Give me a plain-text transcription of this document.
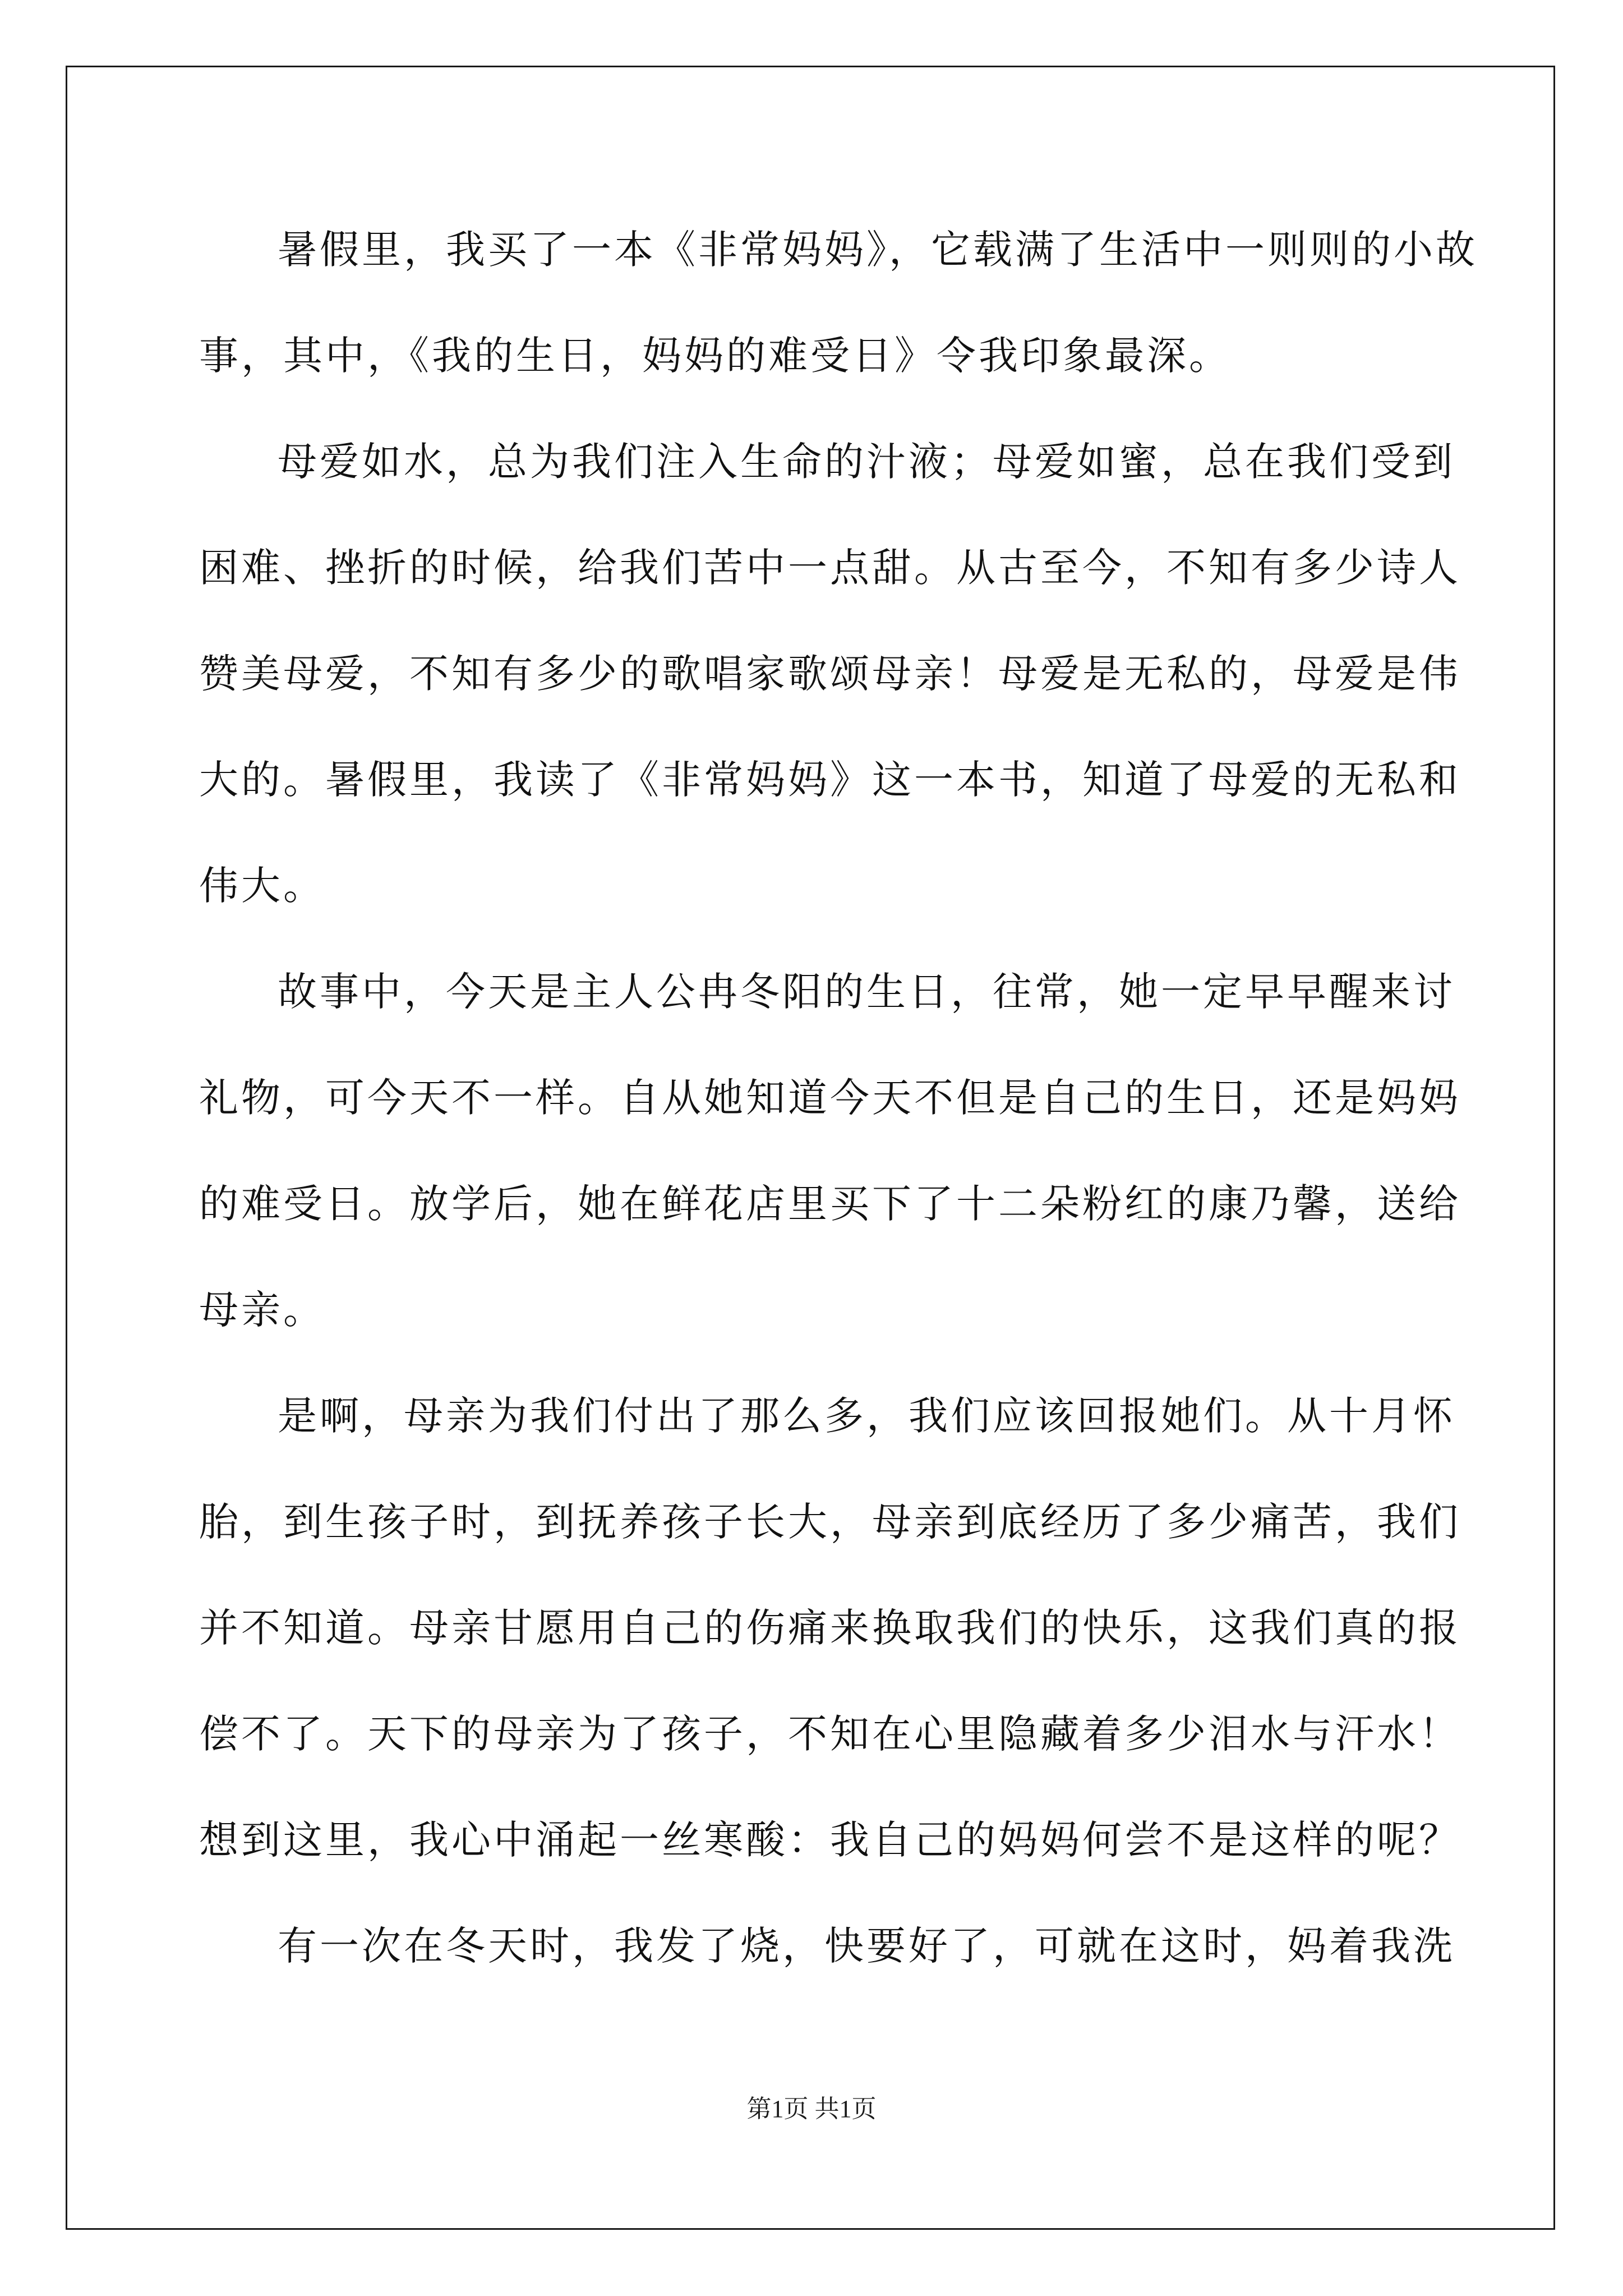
暑假里，我买了一本《非常妈妈》，它载满了生活中一则则的小故
事，其中，《我的生日，妈妈的难受日》令我印象最深。
母爱如水，总为我们注入生命的汁液；母爱如蜜，总在我们受到
困难、挫折的时候，给我们苦中一点甜。从古至今，不知有多少诗人
赞美母爱，不知有多少的歌唱家歌颂母亲！母爱是无私的，母爱是伟
大的。暑假里，我读了《非常妈妈》这一本书，知道了母爱的无私和
伟大。
故事中，今天是主人公冉冬阳的生日，往常，她一定早早醒来讨
礼物，可今天不一样。自从她知道今天不但是自己的生日，还是妈妈
的难受日。放学后，她在鲜花店里买下了十二朵粉红的康乃馨，送给
母亲。
是啊，母亲为我们付出了那么多，我们应该回报她们。从十月怀
胎，到生孩子时，到抚养孩子长大，母亲到底经历了多少痛苦，我们
并不知道。母亲甘愿用自己的伤痛来换取我们的快乐，这我们真的报
偿不了。天下的母亲为了孩子，不知在心里隐藏着多少泪水与汗水！
想到这里，我心中涌起一丝寒酸：我自己的妈妈何尝不是这样的呢？
有一次在冬天时，我发了烧，快要好了，可就在这时，妈着我洗
第1页 共1页
